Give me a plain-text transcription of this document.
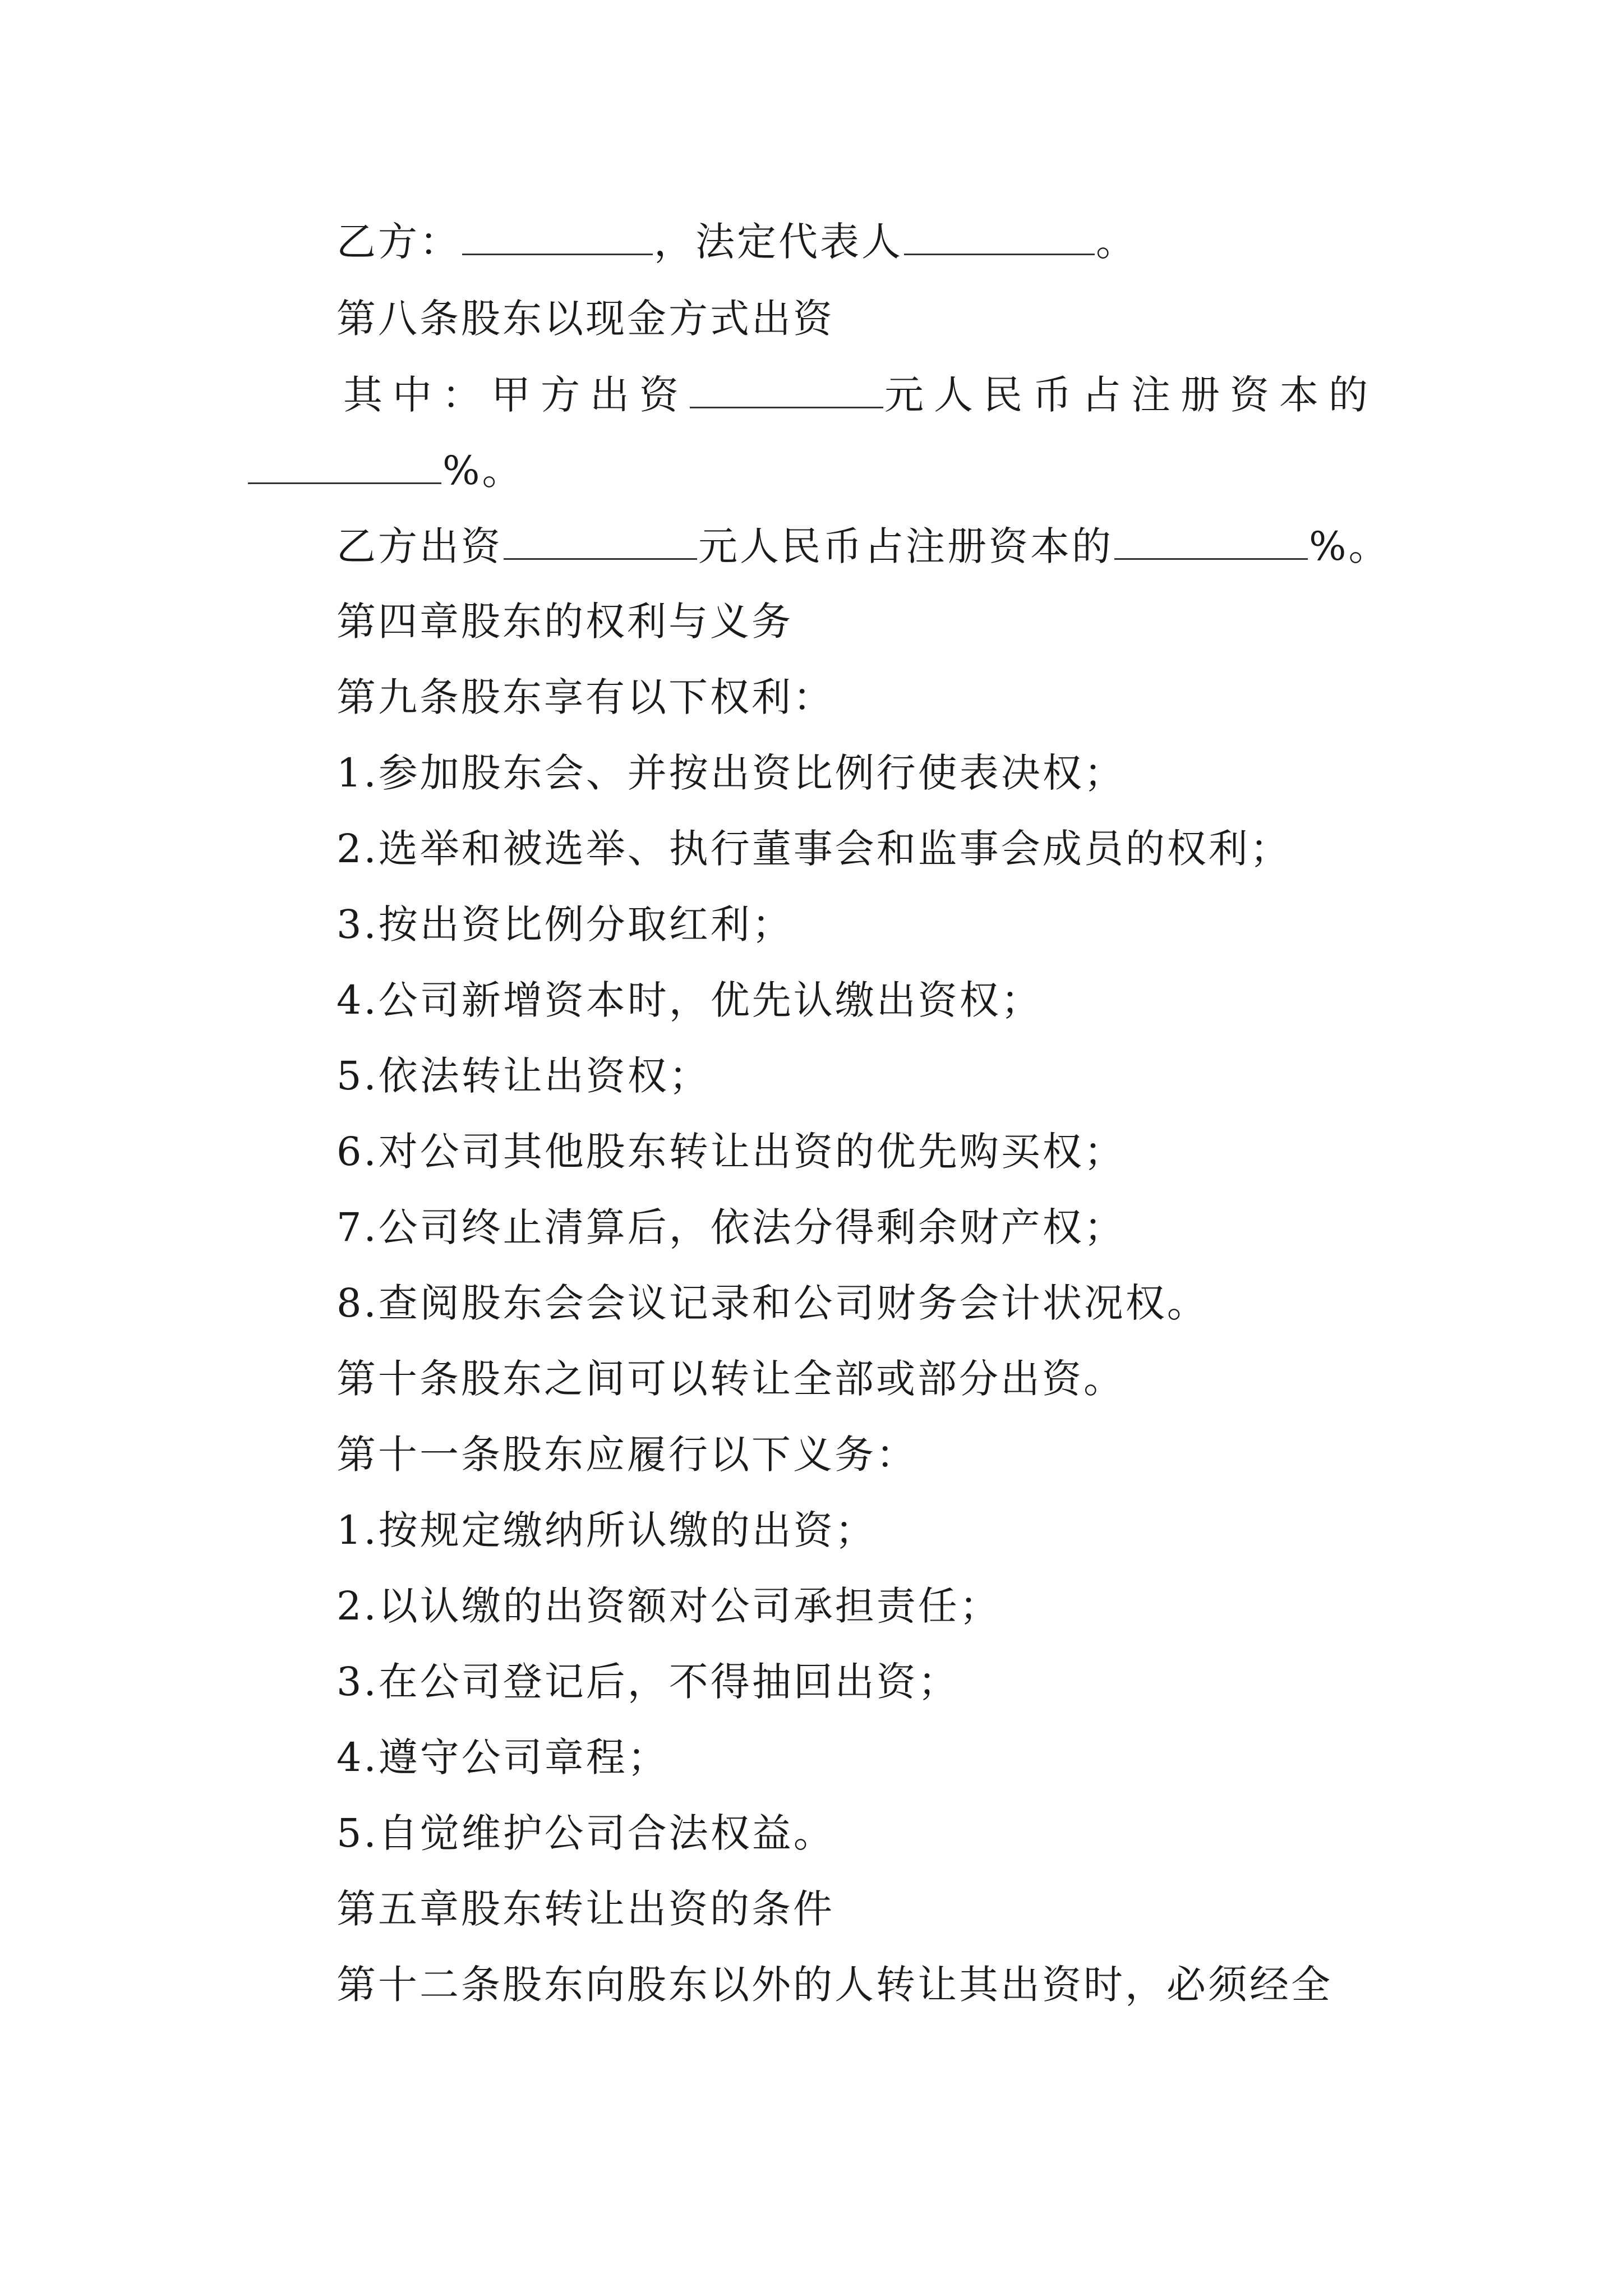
乙方：	，法定代表人	。
第八条股东以现金方式出资
其中：甲方出资	元人民币占注册资本的
%。
乙方出资	元人民币占注册资本的	%。
第四章股东的权利与义务
第九条股东享有以下权利：
1.参加股东会、并按出资比例行使表决权；
2.选举和被选举、执行董事会和监事会成员的权利；
3.按出资比例分取红利；
4.公司新增资本时，优先认缴出资权；
5.依法转让出资权；
6.对公司其他股东转让出资的优先购买权；
7.公司终止清算后，依法分得剩余财产权；
8.查阅股东会会议记录和公司财务会计状况权。
第十条股东之间可以转让全部或部分出资。
第十一条股东应履行以下义务：
1.按规定缴纳所认缴的出资；
2.以认缴的出资额对公司承担责任；
3.在公司登记后，不得抽回出资；
4.遵守公司章程；
5.自觉维护公司合法权益。
第五章股东转让出资的条件
第十二条股东向股东以外的人转让其出资时，必须经全
